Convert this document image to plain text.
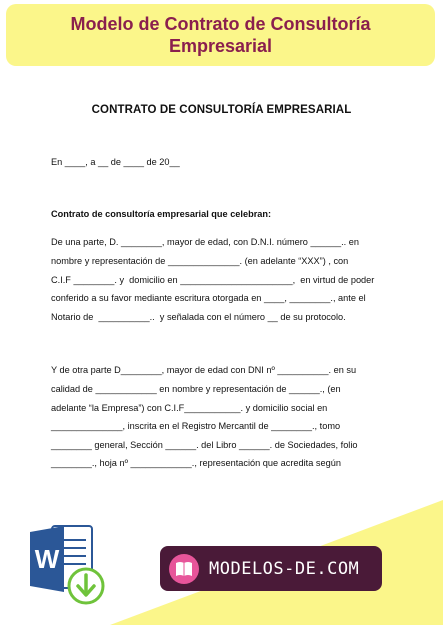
Modelo de Contrato de Consultoría Empresarial
CONTRATO DE CONSULTORÍA EMPRESARIAL
En ____, a __ de ____ de 20__
Contrato de consultoría empresarial que celebran:
De una parte, D. ________, mayor de edad, con D.N.I. número ______.. en
nombre y representación de ______________. (en adelante “XXX”) , con
C.I.F ________. y  domicilio en ______________________,  en virtud de poder
conferido a su favor mediante escritura otorgada en ____, ________., ante el
Notario de  __________..  y señalada con el número __ de su protocolo.
Y de otra parte D________, mayor de edad con DNI nº __________. en su
calidad de ____________ en nombre y representación de ______., (en
adelante “la Empresa”) con C.I.F___________. y domicilio social en
______________, inscrita en el Registro Mercantil de ________., tomo
________ general, Sección ______. del Libro ______. de Sociedades, folio
________., hoja nº ____________., representación que acredita según
W	MODELOS-DE.COM
